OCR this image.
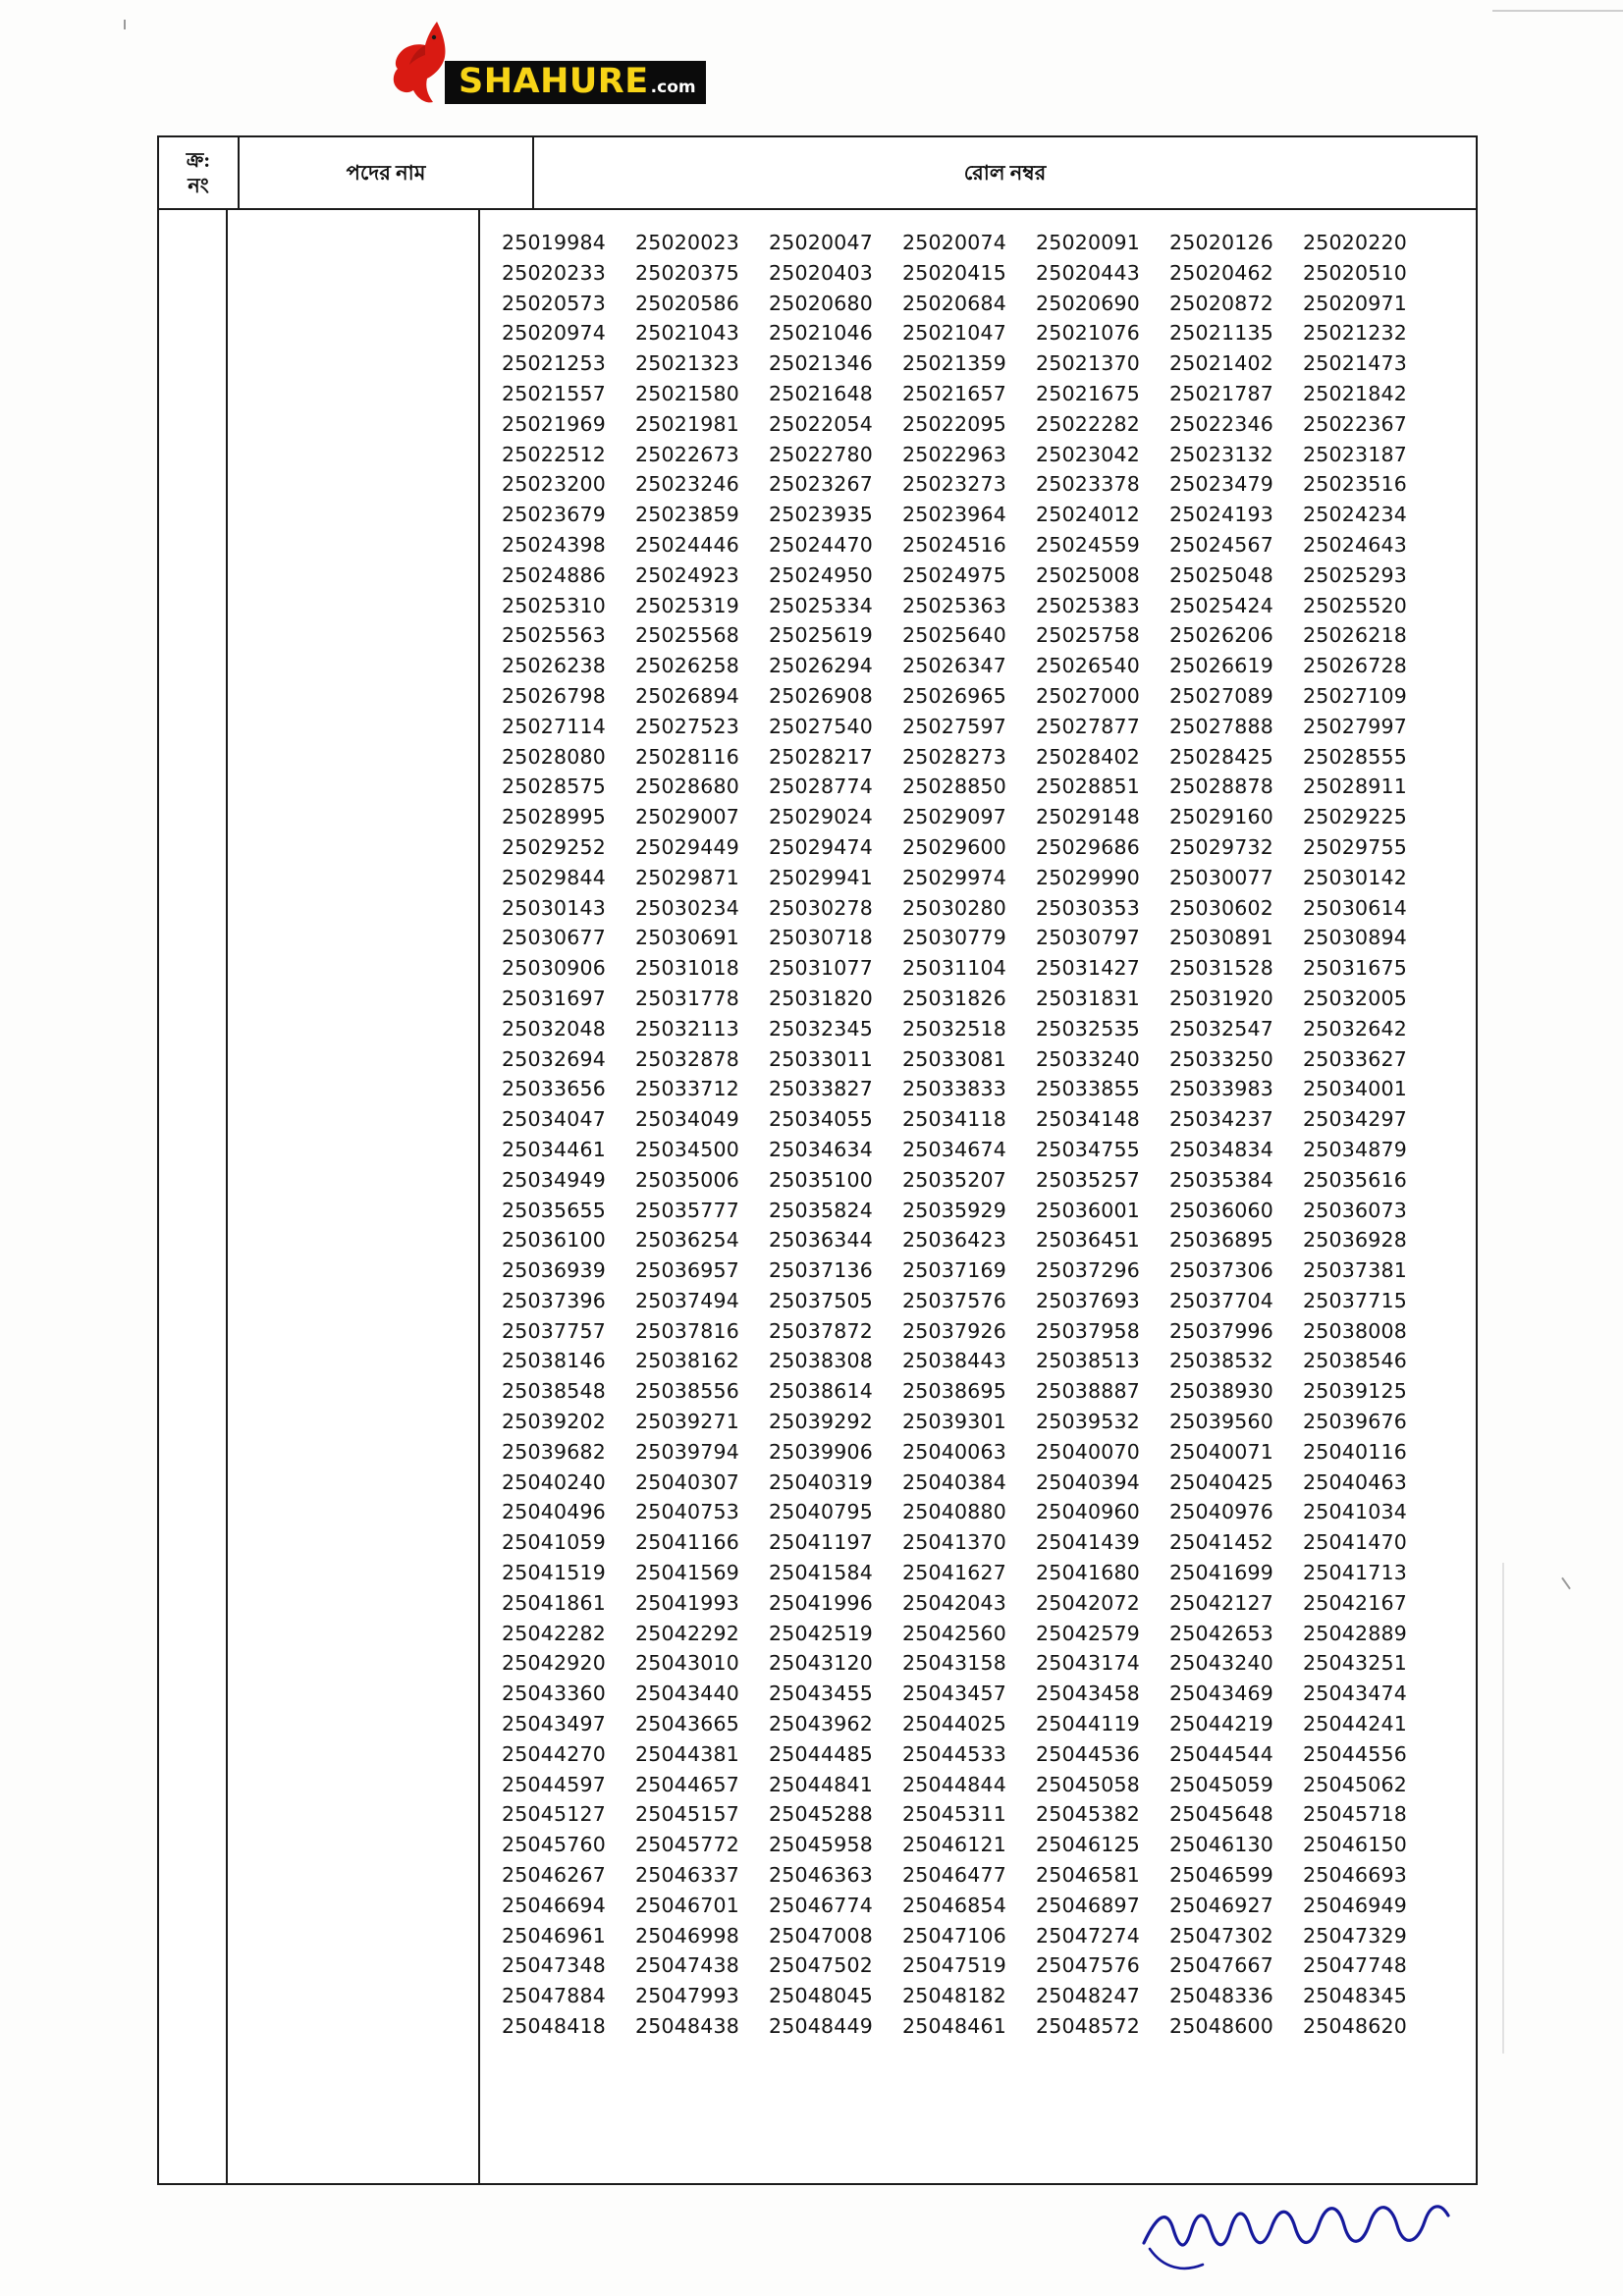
SHAHURE .com
ক্র:
নং
পদের নাম	রোল নম্বর
25019984	25020023	25020047	25020074	25020091	25020126	25020220
25020233	25020375	25020403	25020415	25020443	25020462	25020510
25020573	25020586	25020680	25020684	25020690	25020872	25020971
25020974	25021043	25021046	25021047	25021076	25021135	25021232
25021253	25021323	25021346	25021359	25021370	25021402	25021473
25021557	25021580	25021648	25021657	25021675	25021787	25021842
25021969	25021981	25022054	25022095	25022282	25022346	25022367
25022512	25022673	25022780	25022963	25023042	25023132	25023187
25023200	25023246	25023267	25023273	25023378	25023479	25023516
25023679	25023859	25023935	25023964	25024012	25024193	25024234
25024398	25024446	25024470	25024516	25024559	25024567	25024643
25024886	25024923	25024950	25024975	25025008	25025048	25025293
25025310	25025319	25025334	25025363	25025383	25025424	25025520
25025563	25025568	25025619	25025640	25025758	25026206	25026218
25026238	25026258	25026294	25026347	25026540	25026619	25026728
25026798	25026894	25026908	25026965	25027000	25027089	25027109
25027114	25027523	25027540	25027597	25027877	25027888	25027997
25028080	25028116	25028217	25028273	25028402	25028425	25028555
25028575	25028680	25028774	25028850	25028851	25028878	25028911
25028995	25029007	25029024	25029097	25029148	25029160	25029225
25029252	25029449	25029474	25029600	25029686	25029732	25029755
25029844	25029871	25029941	25029974	25029990	25030077	25030142
25030143	25030234	25030278	25030280	25030353	25030602	25030614
25030677	25030691	25030718	25030779	25030797	25030891	25030894
25030906	25031018	25031077	25031104	25031427	25031528	25031675
25031697	25031778	25031820	25031826	25031831	25031920	25032005
25032048	25032113	25032345	25032518	25032535	25032547	25032642
25032694	25032878	25033011	25033081	25033240	25033250	25033627
25033656	25033712	25033827	25033833	25033855	25033983	25034001
25034047	25034049	25034055	25034118	25034148	25034237	25034297
25034461	25034500	25034634	25034674	25034755	25034834	25034879
25034949	25035006	25035100	25035207	25035257	25035384	25035616
25035655	25035777	25035824	25035929	25036001	25036060	25036073
25036100	25036254	25036344	25036423	25036451	25036895	25036928
25036939	25036957	25037136	25037169	25037296	25037306	25037381
25037396	25037494	25037505	25037576	25037693	25037704	25037715
25037757	25037816	25037872	25037926	25037958	25037996	25038008
25038146	25038162	25038308	25038443	25038513	25038532	25038546
25038548	25038556	25038614	25038695	25038887	25038930	25039125
25039202	25039271	25039292	25039301	25039532	25039560	25039676
25039682	25039794	25039906	25040063	25040070	25040071	25040116
25040240	25040307	25040319	25040384	25040394	25040425	25040463
25040496	25040753	25040795	25040880	25040960	25040976	25041034
25041059	25041166	25041197	25041370	25041439	25041452	25041470
25041519	25041569	25041584	25041627	25041680	25041699	25041713
25041861	25041993	25041996	25042043	25042072	25042127	25042167
25042282	25042292	25042519	25042560	25042579	25042653	25042889
25042920	25043010	25043120	25043158	25043174	25043240	25043251
25043360	25043440	25043455	25043457	25043458	25043469	25043474
25043497	25043665	25043962	25044025	25044119	25044219	25044241
25044270	25044381	25044485	25044533	25044536	25044544	25044556
25044597	25044657	25044841	25044844	25045058	25045059	25045062
25045127	25045157	25045288	25045311	25045382	25045648	25045718
25045760	25045772	25045958	25046121	25046125	25046130	25046150
25046267	25046337	25046363	25046477	25046581	25046599	25046693
25046694	25046701	25046774	25046854	25046897	25046927	25046949
25046961	25046998	25047008	25047106	25047274	25047302	25047329
25047348	25047438	25047502	25047519	25047576	25047667	25047748
25047884	25047993	25048045	25048182	25048247	25048336	25048345
25048418	25048438	25048449	25048461	25048572	25048600	25048620
